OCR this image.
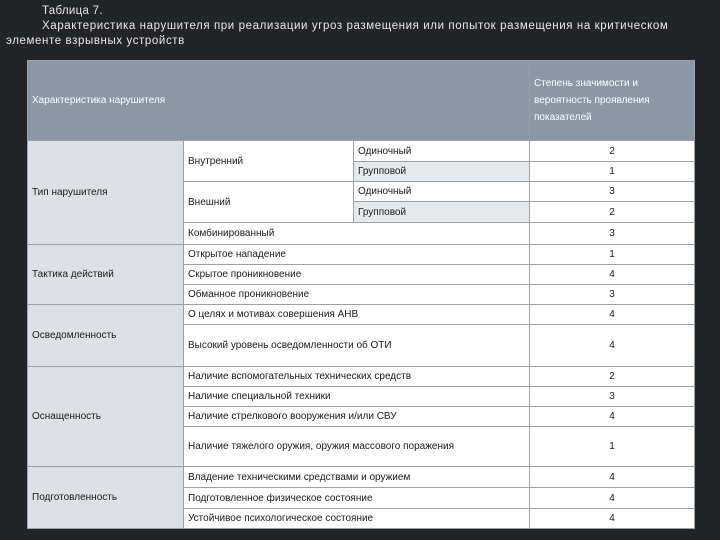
Таблица 7.
Характеристика нарушителя при реализации угроз размещения или попыток размещения на критическом
элементе взрывных устройств
Характеристика нарушителя			Степень значимости и вероятность проявления показателей
Тип нарушителя	Внутренний	Одиночный	2
		Групповой	1
	Внешний	Одиночный	3
		Групповой	2
	Комбинированный		3
Тактика действий	Открытое нападение		1
	Скрытое проникновение		4
	Обманное проникновение		3
Осведомленность	О целях и мотивах совершения АНВ		4
	Высокий уровень осведомленности об ОТИ		4
Оснащенность	Наличие вспомогательных технических средств		2
	Наличие специальной техники		3
	Наличие стрелкового вооружения и/или СВУ		4
	Наличие тяжелого оружия, оружия массового поражения		1
Подготовленность	Владение техническими средствами и оружием		4
	Подготовленное физическое состояние		4
	Устойчивое психологическое состояние		4
